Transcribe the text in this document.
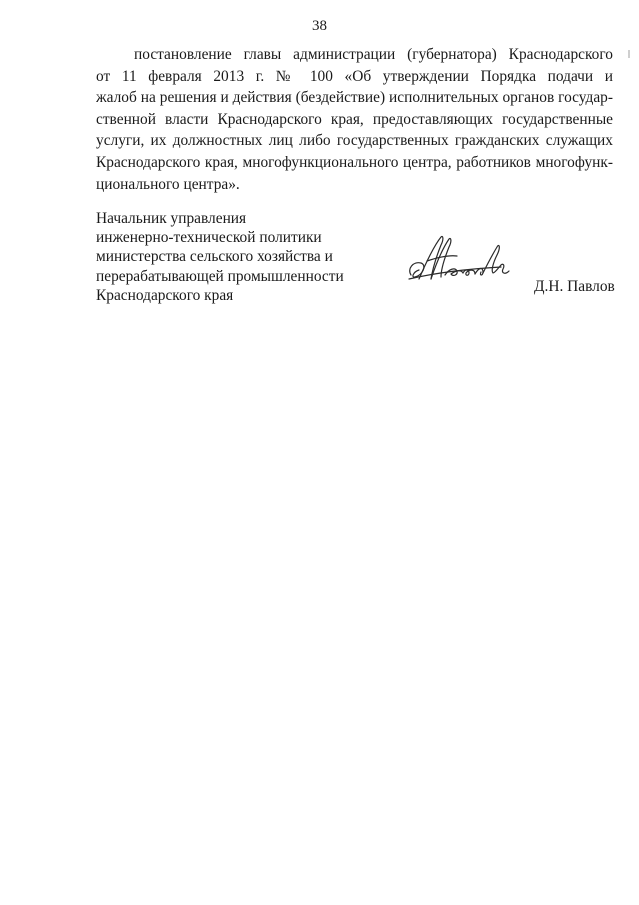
38
постановление главы администрации (губернатора) Краснодарского
от 11 февраля 2013 г. № 100 «Об утверждении Порядка подачи и
жалоб на решения и действия (бездействие) исполнительных органов государ-
ственной власти Краснодарского края, предоставляющих государственные
услуги, их должностных лиц либо государственных гражданских служащих
Краснодарского края, многофункционального центра, работников многофунк-
ционального центра».
Начальник управления
инженерно-технической политики
министерства сельского хозяйства и
перерабатывающей промышленности
Краснодарского края
Д.Н. Павлов
